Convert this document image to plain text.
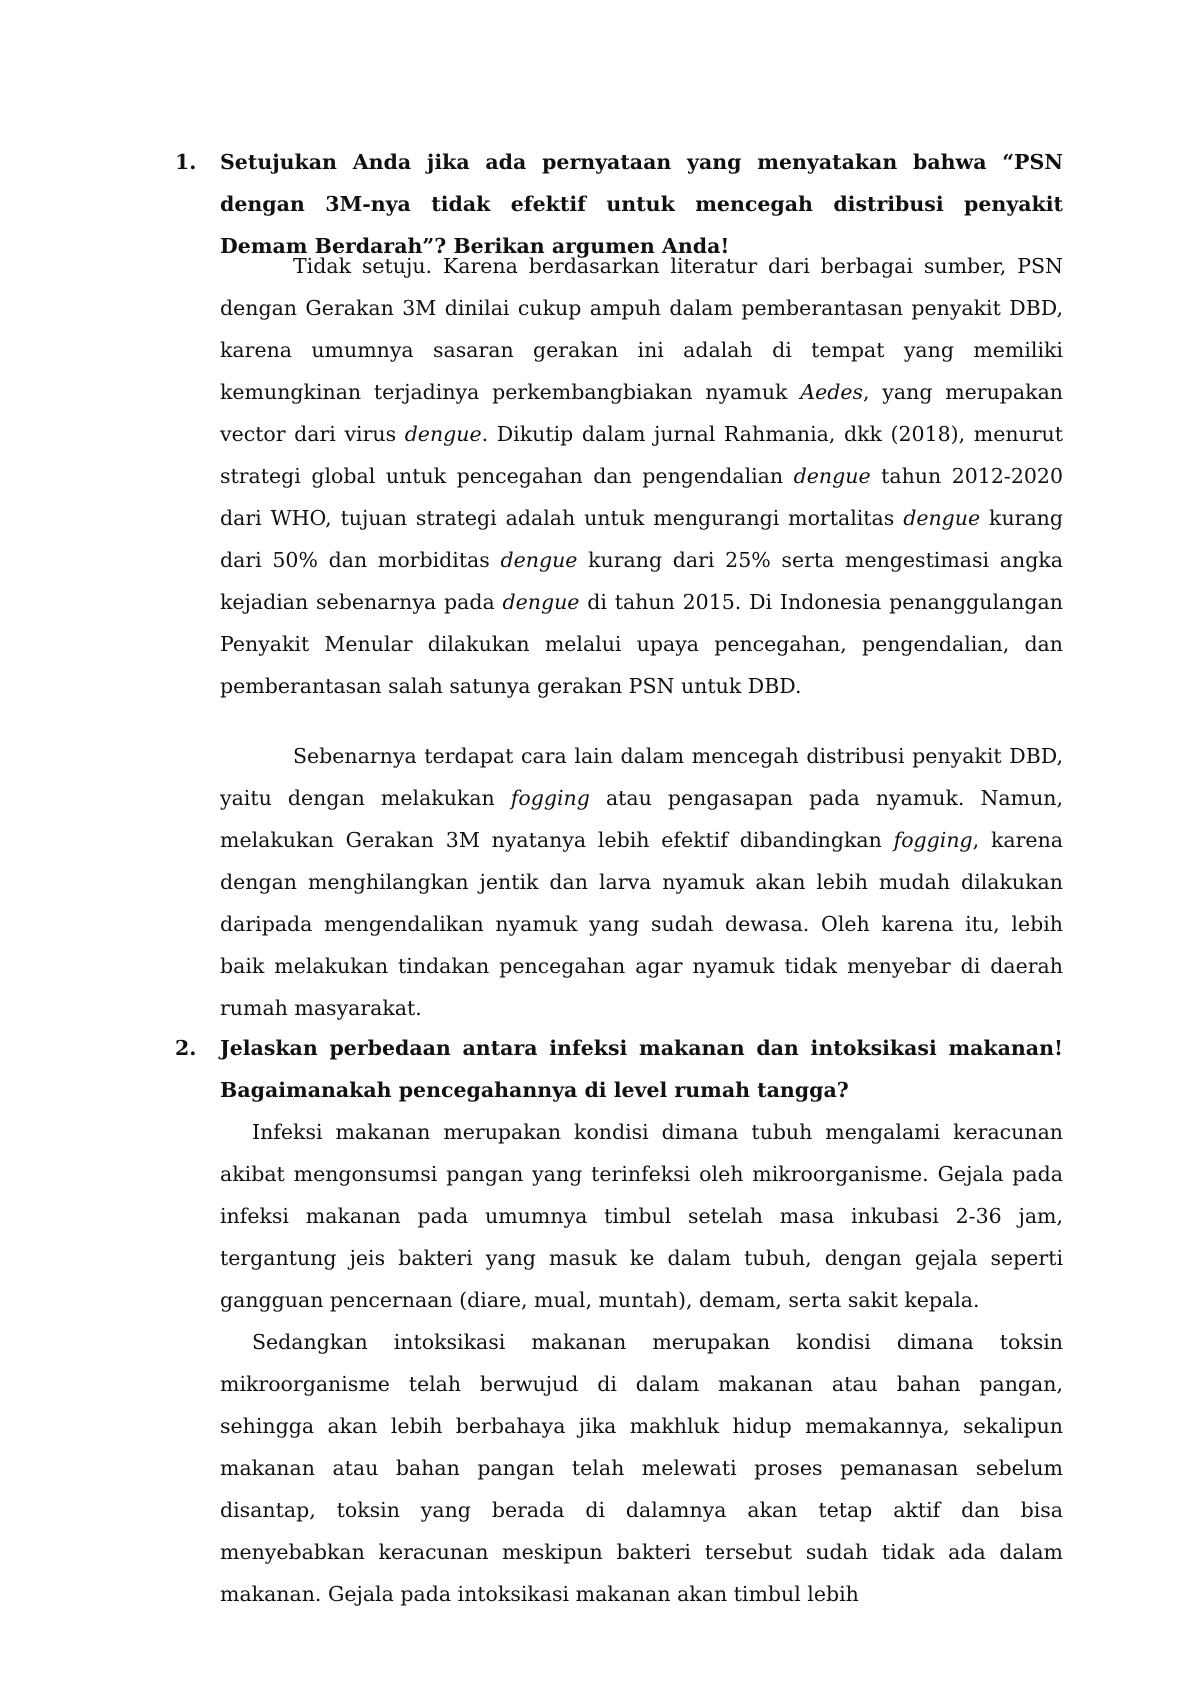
1. Setujukan Anda jika ada pernyataan yang menyatakan bahwa “PSN dengan 3M-nya tidak efektif untuk mencegah distribusi penyakit Demam Berdarah”? Berikan argumen Anda!
Tidak setuju. Karena berdasarkan literatur dari berbagai sumber, PSN dengan Gerakan 3M dinilai cukup ampuh dalam pemberantasan penyakit DBD, karena umumnya sasaran gerakan ini adalah di tempat yang memiliki kemungkinan terjadinya perkembangbiakan nyamuk Aedes, yang merupakan vector dari virus dengue. Dikutip dalam jurnal Rahmania, dkk (2018), menurut strategi global untuk pencegahan dan pengendalian dengue tahun 2012-2020 dari WHO, tujuan strategi adalah untuk mengurangi mortalitas dengue kurang dari 50% dan morbiditas dengue kurang dari 25% serta mengestimasi angka kejadian sebenarnya pada dengue di tahun 2015. Di Indonesia penanggulangan Penyakit Menular dilakukan melalui upaya pencegahan, pengendalian, dan pemberantasan salah satunya gerakan PSN untuk DBD.
Sebenarnya terdapat cara lain dalam mencegah distribusi penyakit DBD, yaitu dengan melakukan fogging atau pengasapan pada nyamuk. Namun, melakukan Gerakan 3M nyatanya lebih efektif dibandingkan fogging, karena dengan menghilangkan jentik dan larva nyamuk akan lebih mudah dilakukan daripada mengendalikan nyamuk yang sudah dewasa. Oleh karena itu, lebih baik melakukan tindakan pencegahan agar nyamuk tidak menyebar di daerah rumah masyarakat.
2. Jelaskan perbedaan antara infeksi makanan dan intoksikasi makanan! Bagaimanakah pencegahannya di level rumah tangga?
Infeksi makanan merupakan kondisi dimana tubuh mengalami keracunan akibat mengonsumsi pangan yang terinfeksi oleh mikroorganisme. Gejala pada infeksi makanan pada umumnya timbul setelah masa inkubasi 2-36 jam, tergantung jeis bakteri yang masuk ke dalam tubuh, dengan gejala seperti gangguan pencernaan (diare, mual, muntah), demam, serta sakit kepala.
Sedangkan intoksikasi makanan merupakan kondisi dimana toksin mikroorganisme telah berwujud di dalam makanan atau bahan pangan, sehingga akan lebih berbahaya jika makhluk hidup memakannya, sekalipun makanan atau bahan pangan telah melewati proses pemanasan sebelum disantap, toksin yang berada di dalamnya akan tetap aktif dan bisa menyebabkan keracunan meskipun bakteri tersebut sudah tidak ada dalam makanan. Gejala pada intoksikasi makanan akan timbul lebih
